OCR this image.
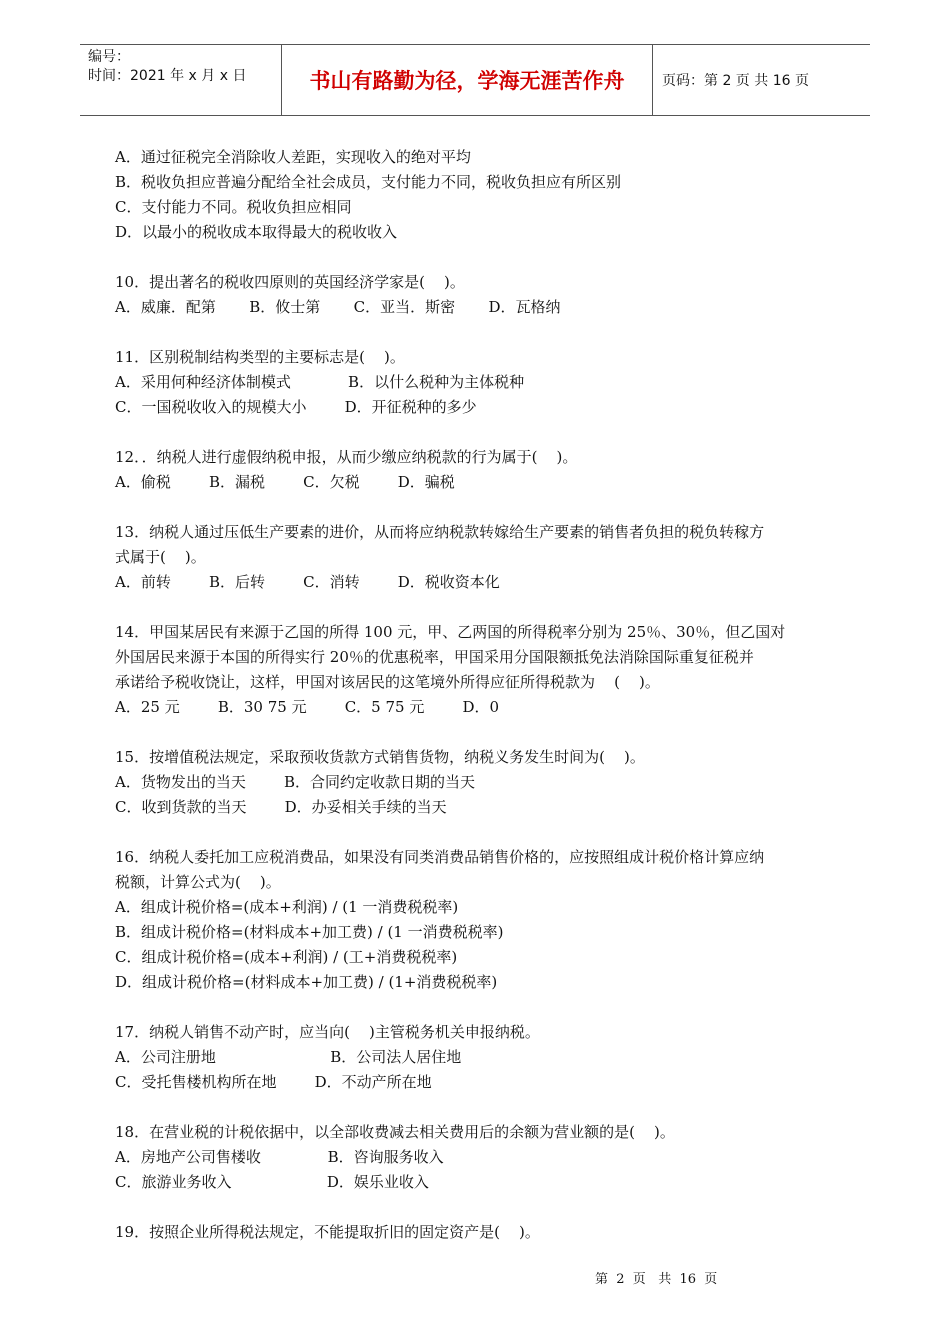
编号：
时间：2021 年 x 月 x 日	书山有路勤为径，学海无涯苦作舟	页码：第 2 页 共 16 页
A．通过征税完全消除收人差距，实现收入的绝对平均
B．税收负担应普遍分配给全社会成员，支付能力不同，税收负担应有所区别
C．支付能力不同。税收负担应相同
D．以最小的税收成本取得最大的税收收入
10．提出著名的税收四原则的英国经济学家是(    )。
A．威廉．配第       B．攸士第       C．亚当．斯密       D．瓦格纳
11．区别税制结构类型的主要标志是(    )。
A．采用何种经济体制模式            B．以什么税种为主体税种
C．一国税收收入的规模大小        D．开征税种的多少
12．．纳税人进行虚假纳税申报，从而少缴应纳税款的行为属于(    )。
A．偷税        B．漏税        C．欠税        D．骗税
13．纳税人通过压低生产要素的进价，从而将应纳税款转嫁给生产要素的销售者负担的税负转稼方
式属于(    )。
A．前转        B．后转        C．消转        D．税收资本化
14．甲国某居民有来源于乙国的所得 100 元，甲、乙两国的所得税率分别为 25％、30％，但乙国对
外国居民来源于本国的所得实行 20％的优惠税率，甲国采用分国限额抵免法消除国际重复征税并
承诺给予税收饶让，这样，甲国对该居民的这笔境外所得应征所得税款为    (    )。
A．25 元        B．30 75 元        C．5 75 元        D．0
15．按增值税法规定，采取预收货款方式销售货物，纳税义务发生时间为(    )。
A．货物发出的当天        B．合同约定收款日期的当天
C．收到货款的当天        D．办妥相关手续的当天
16．纳税人委托加工应税消费品，如果没有同类消费品销售价格的，应按照组成计税价格计算应纳
税额，计算公式为(    )。
A．组成计税价格=(成本+利润) / (1 一消费税税率)
B．组成计税价格=(材料成本+加工费) / (1 一消费税税率)
C．组成计税价格=(成本+利润) / (工+消费税税率)
D．组成计税价格=(材料成本+加工费) / (1+消费税税率)
17．纳税人销售不动产时，应当向(    )主管税务机关申报纳税。
A．公司注册地                        B．公司法人居住地
C．受托售楼机构所在地        D．不动产所在地
18．在营业税的计税依据中，以全部收费减去相关费用后的余额为营业额的是(    )。
A．房地产公司售楼收              B．咨询服务收入
C．旅游业务收入                    D．娱乐业收入
19．按照企业所得税法规定，不能提取折旧的固定资产是(    )。
第  2  页   共  16  页
